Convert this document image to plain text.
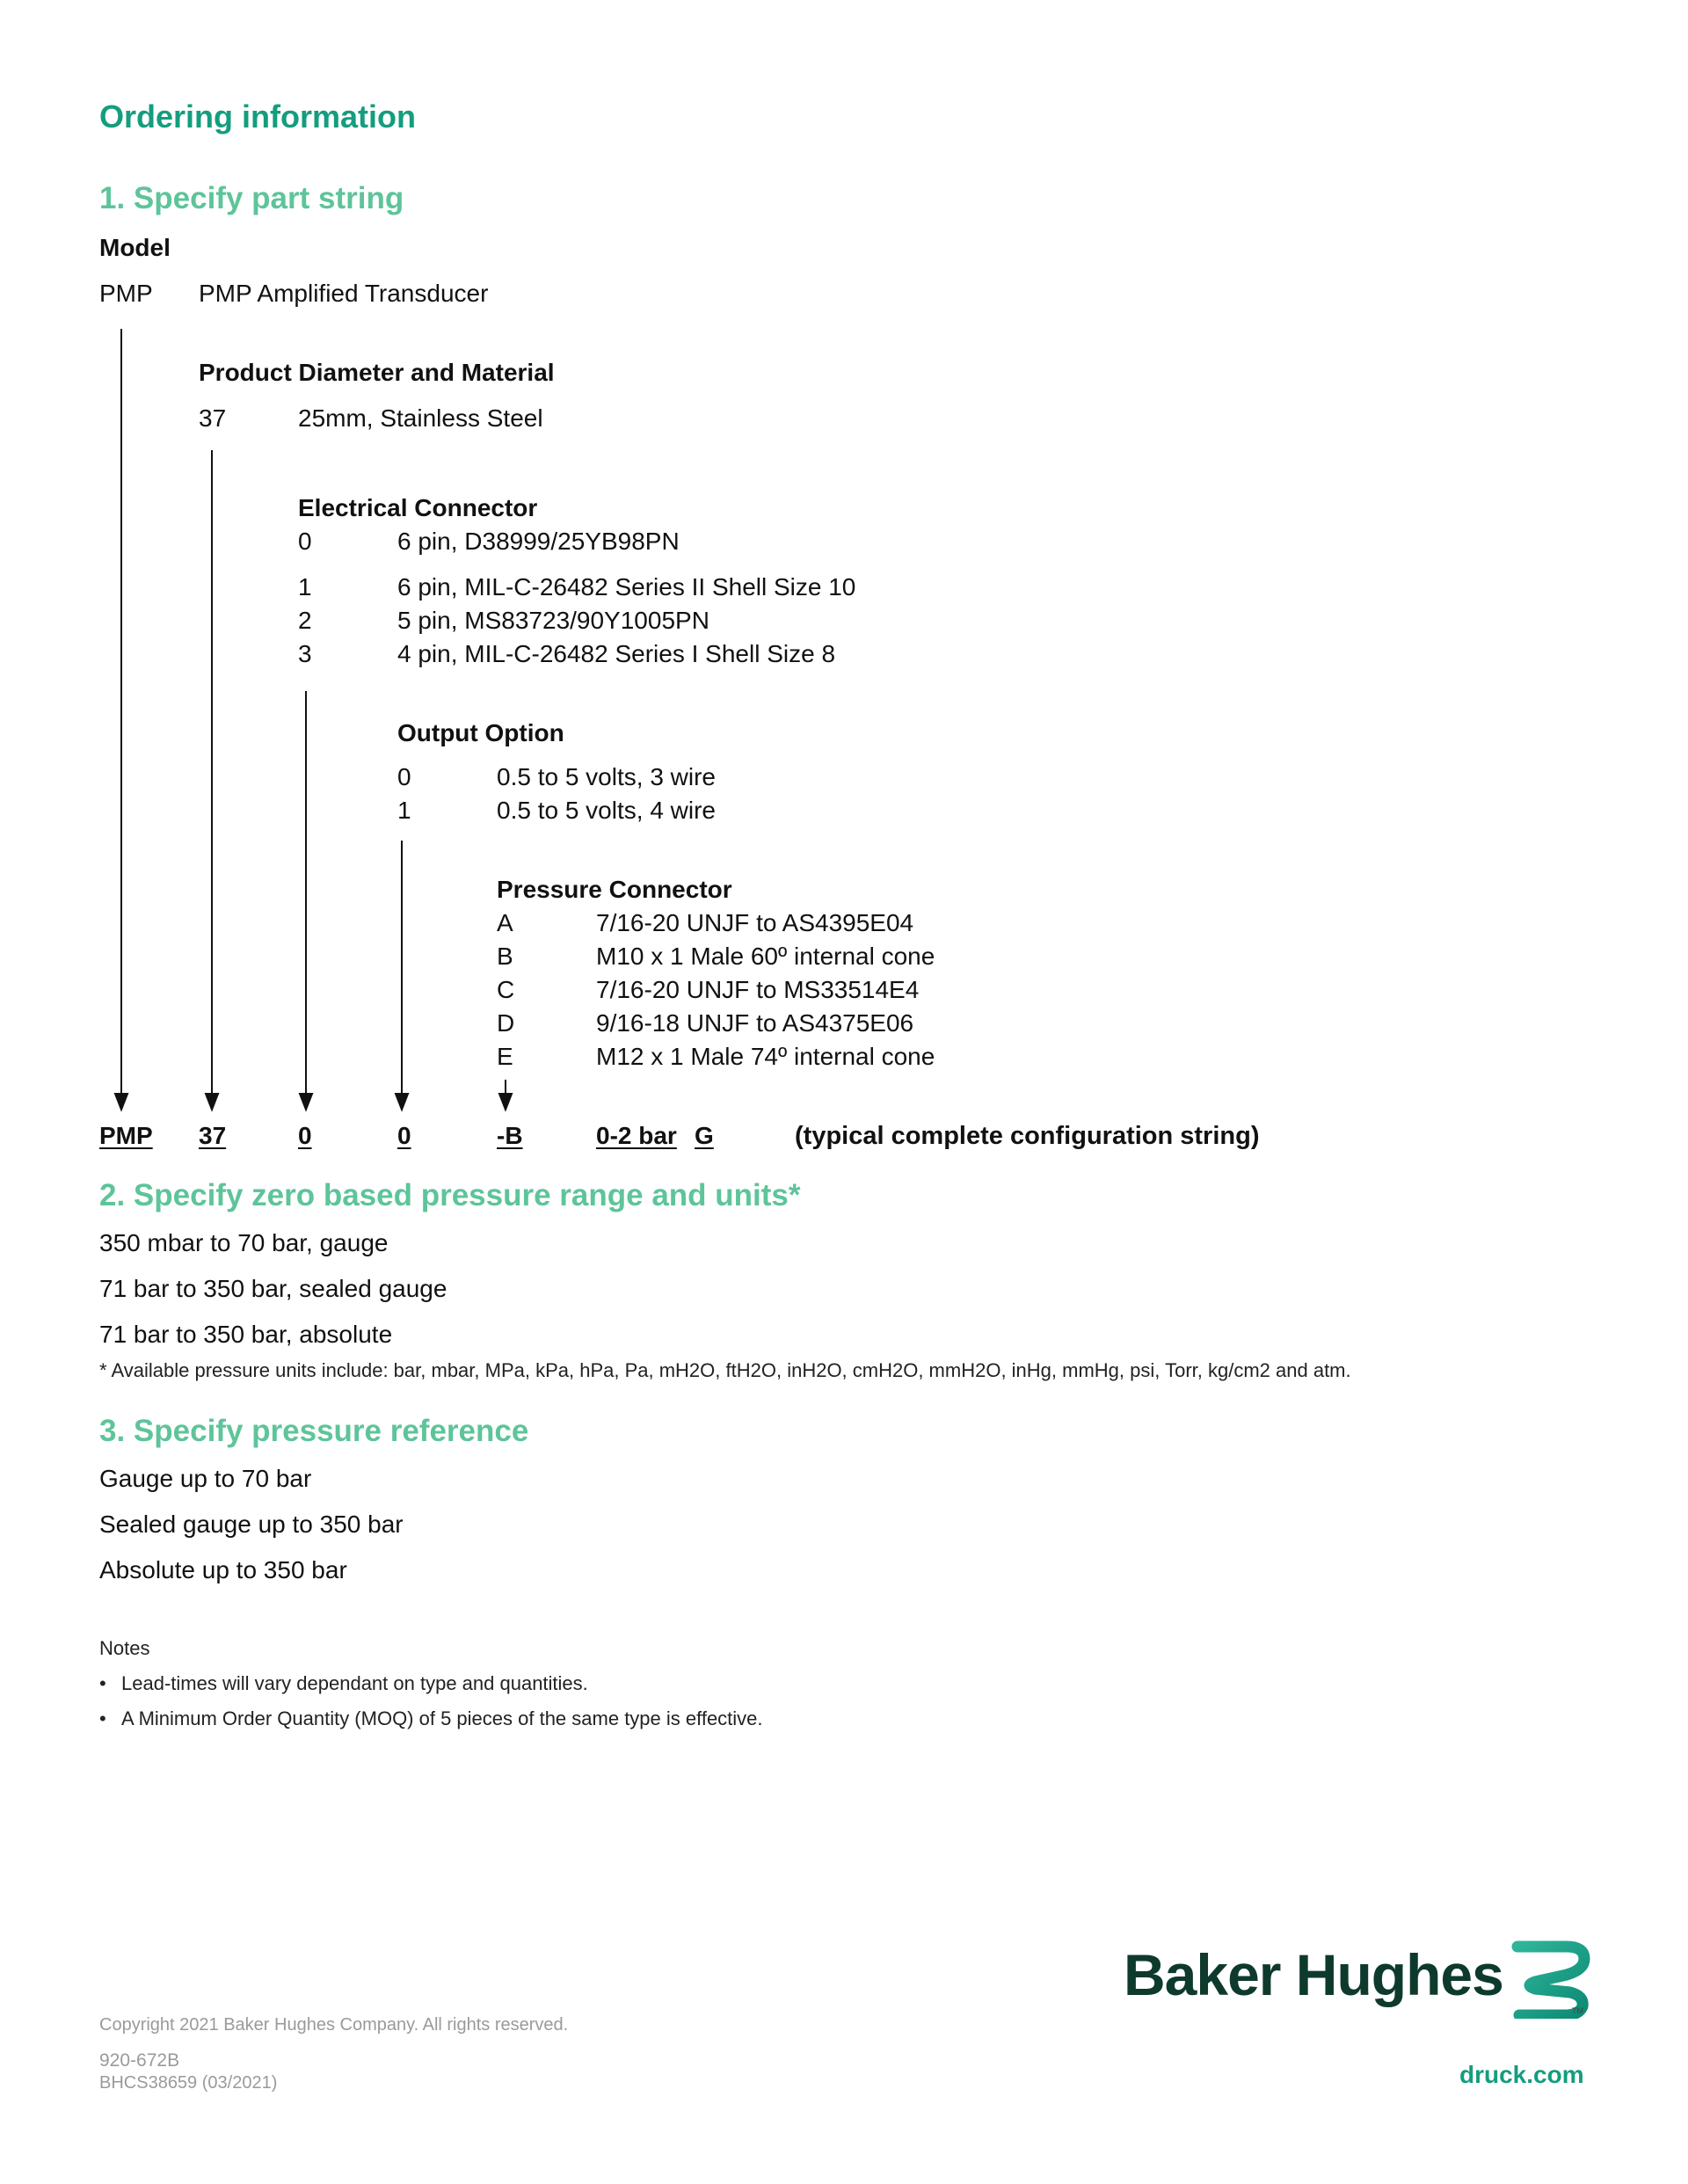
Ordering information
1. Specify part string
Model
PMP PMP Amplified Transducer
Product Diameter and Material
37	25mm, Stainless Steel
Electrical Connector
0	6 pin, D38999/25YB98PN
1	6 pin, MIL-C-26482 Series II Shell Size 10
2	5 pin, MS83723/90Y1005PN
3	4 pin, MIL-C-26482 Series I Shell Size 8
Output Option
0	0.5 to 5 volts, 3 wire
1	0.5 to 5 volts, 4 wire
Pressure Connector
A	7/16-20 UNJF to AS4395E04
B	M10 x 1 Male 60º internal cone
C	7/16-20 UNJF to MS33514E4
D	9/16-18 UNJF to AS4375E06
E	M12 x 1 Male 74º internal cone
PMP 37	0	0	-B	0-2 bar G	(typical complete configuration string)
2. Specify zero based pressure range and units*
350 mbar to 70 bar, gauge
71 bar to 350 bar, sealed gauge
71 bar to 350 bar, absolute
* Available pressure units include: bar, mbar, MPa, kPa, hPa, Pa, mH2O, ftH2O, inH2O, cmH2O, mmH2O, inHg, mmHg, psi, Torr, kg/cm2 and atm.
3. Specify pressure reference
Gauge up to 70 bar
Sealed gauge up to 350 bar
Absolute up to 350 bar
Notes
• Lead-times will vary dependant on type and quantities.
• A Minimum Order Quantity (MOQ) of 5 pieces of the same type is effective.
Copyright 2021 Baker Hughes Company. All rights reserved.
920-672B
BHCS38659 (03/2021)
Baker Hughes
TM
druck.com
